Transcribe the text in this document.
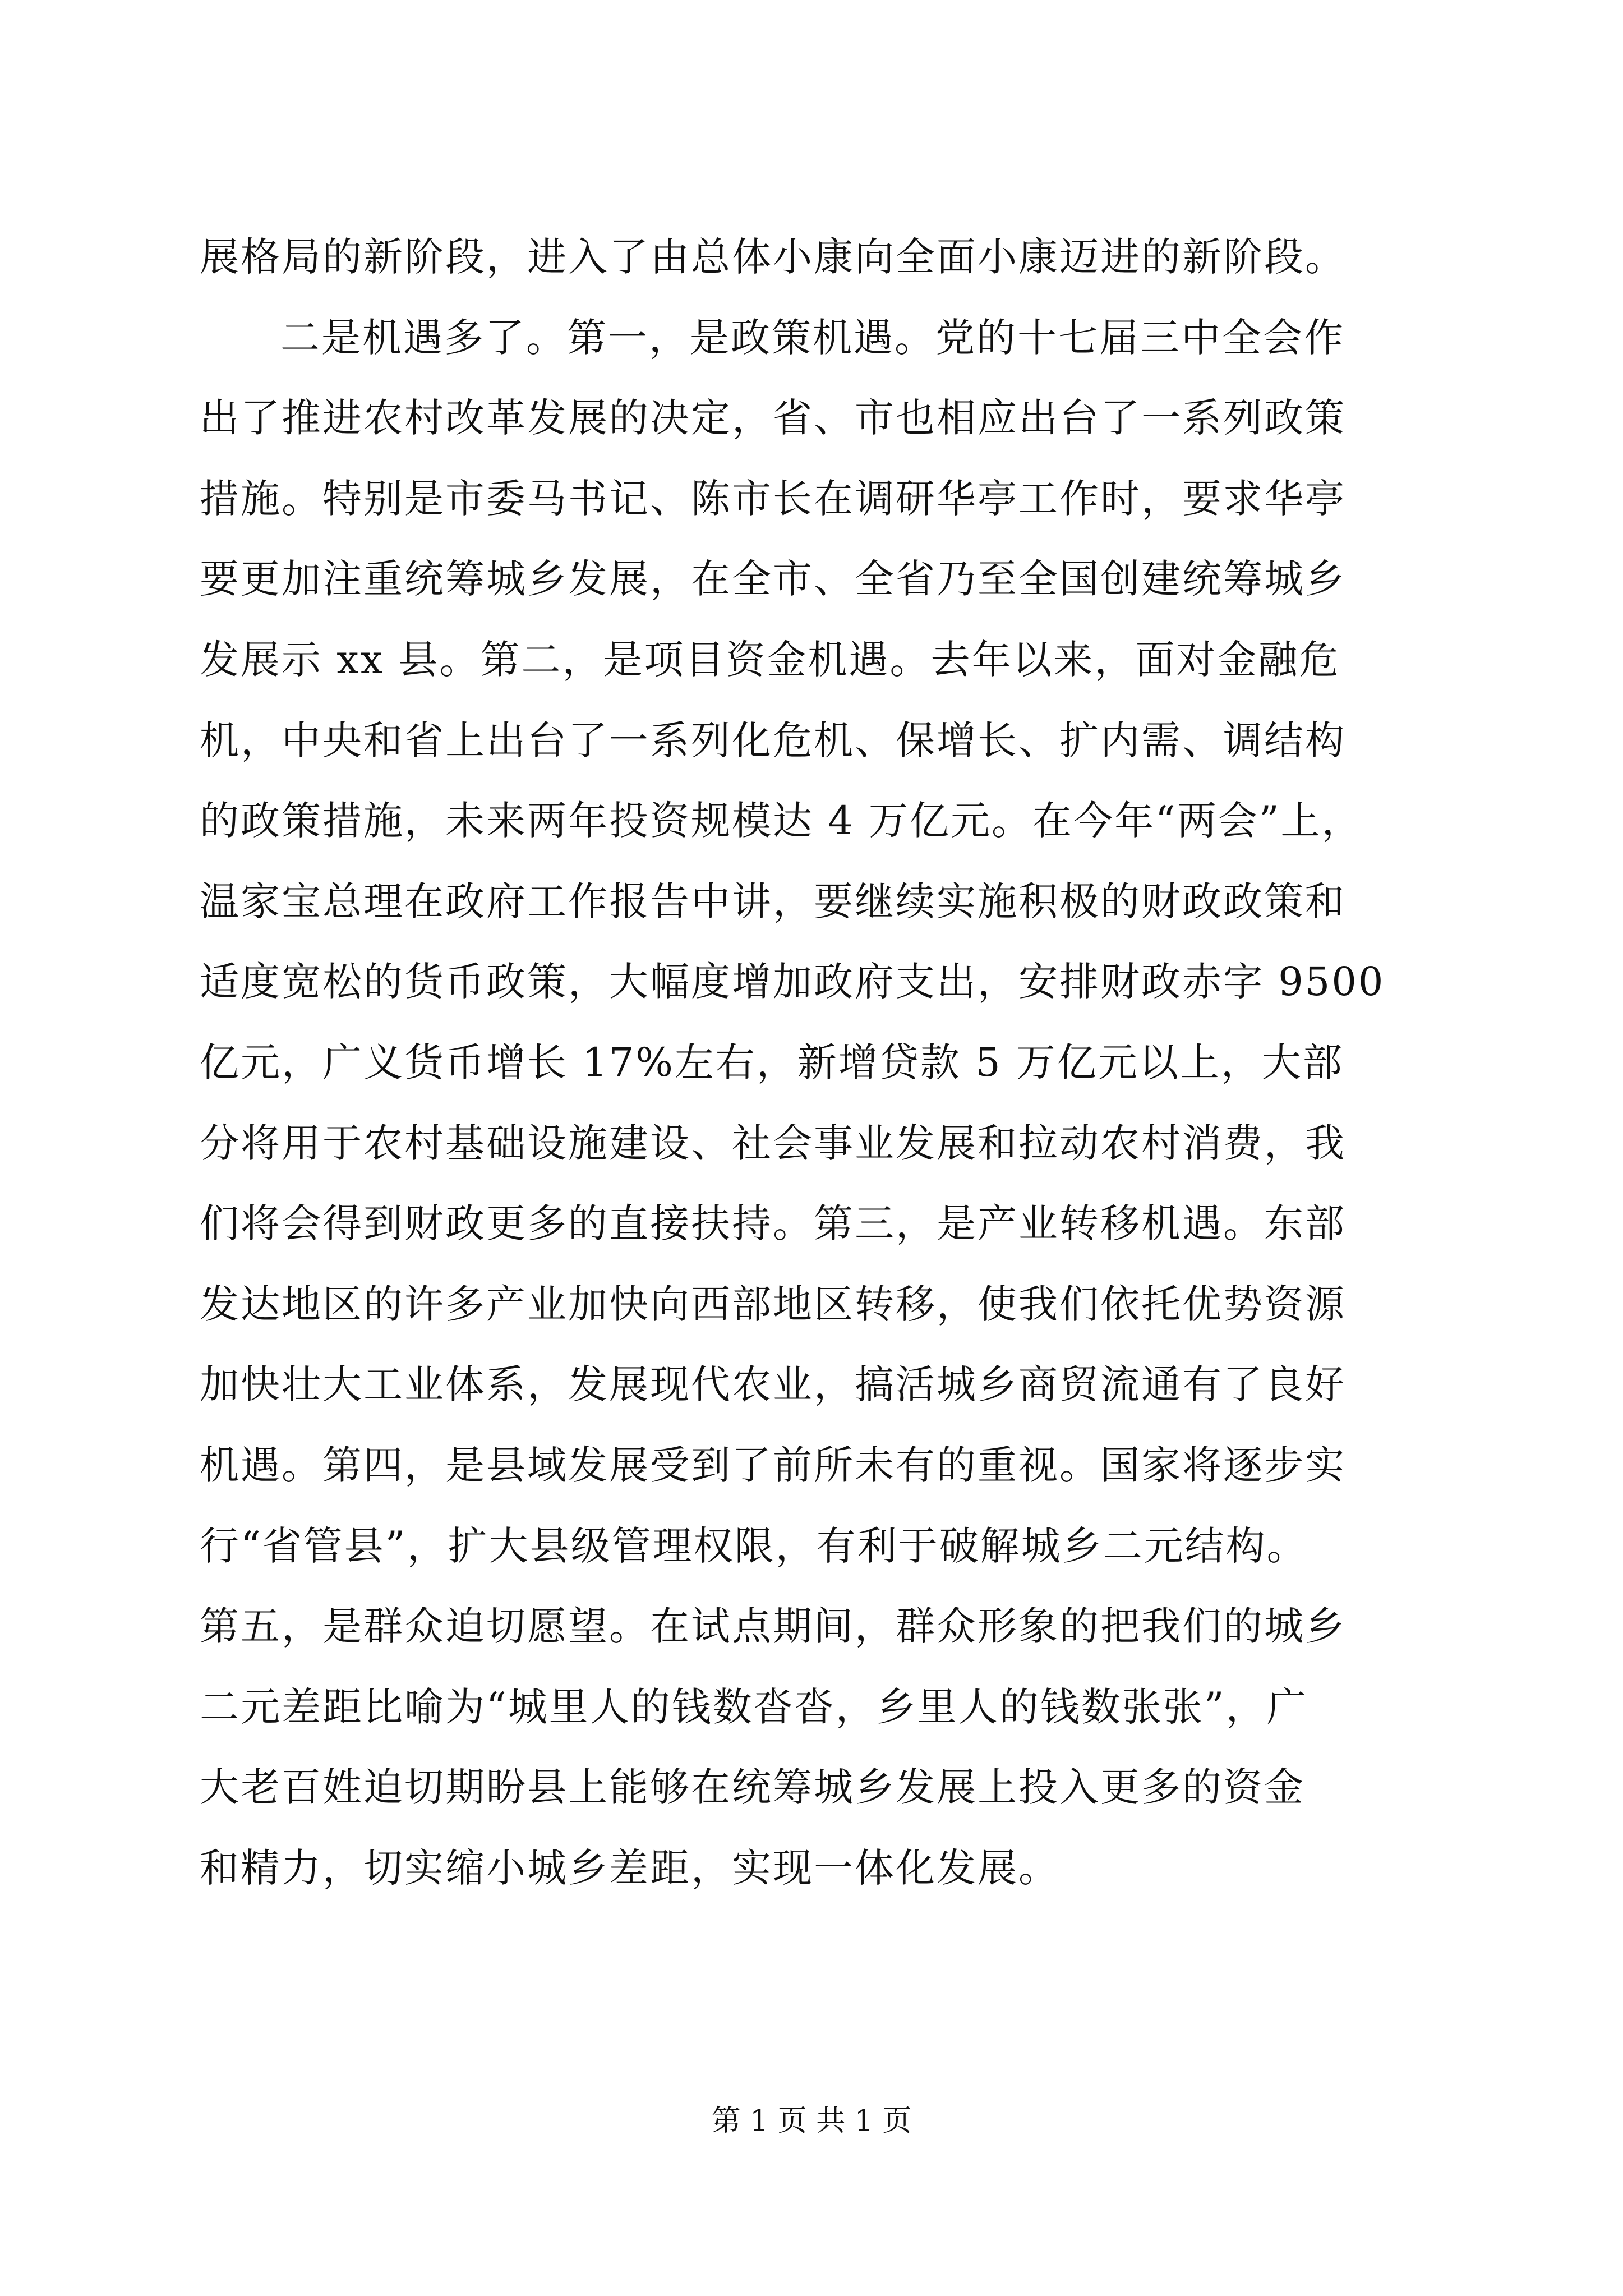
展格局的新阶段，进入了由总体小康向全面小康迈进的新阶段。
二是机遇多了。第一，是政策机遇。党的十七届三中全会作
出了推进农村改革发展的决定，省、市也相应出台了一系列政策
措施。特别是市委马书记、陈市长在调研华亭工作时，要求华亭
要更加注重统筹城乡发展，在全市、全省乃至全国创建统筹城乡
发展示 xx 县。第二，是项目资金机遇。去年以来，面对金融危
机，中央和省上出台了一系列化危机、保增长、扩内需、调结构
的政策措施，未来两年投资规模达 4 万亿元。在今年“两会”上，
温家宝总理在政府工作报告中讲，要继续实施积极的财政政策和
适度宽松的货币政策，大幅度增加政府支出，安排财政赤字 9500
亿元，广义货币增长 17%左右，新增贷款 5 万亿元以上，大部
分将用于农村基础设施建设、社会事业发展和拉动农村消费，我
们将会得到财政更多的直接扶持。第三，是产业转移机遇。东部
发达地区的许多产业加快向西部地区转移，使我们依托优势资源
加快壮大工业体系，发展现代农业，搞活城乡商贸流通有了良好
机遇。第四，是县域发展受到了前所未有的重视。国家将逐步实
行“省管县”，扩大县级管理权限，有利于破解城乡二元结构。
第五，是群众迫切愿望。在试点期间，群众形象的把我们的城乡
二元差距比喻为“城里人的钱数沓沓，乡里人的钱数张张”，广
大老百姓迫切期盼县上能够在统筹城乡发展上投入更多的资金
和精力，切实缩小城乡差距，实现一体化发展。
第 1 页 共 1 页
